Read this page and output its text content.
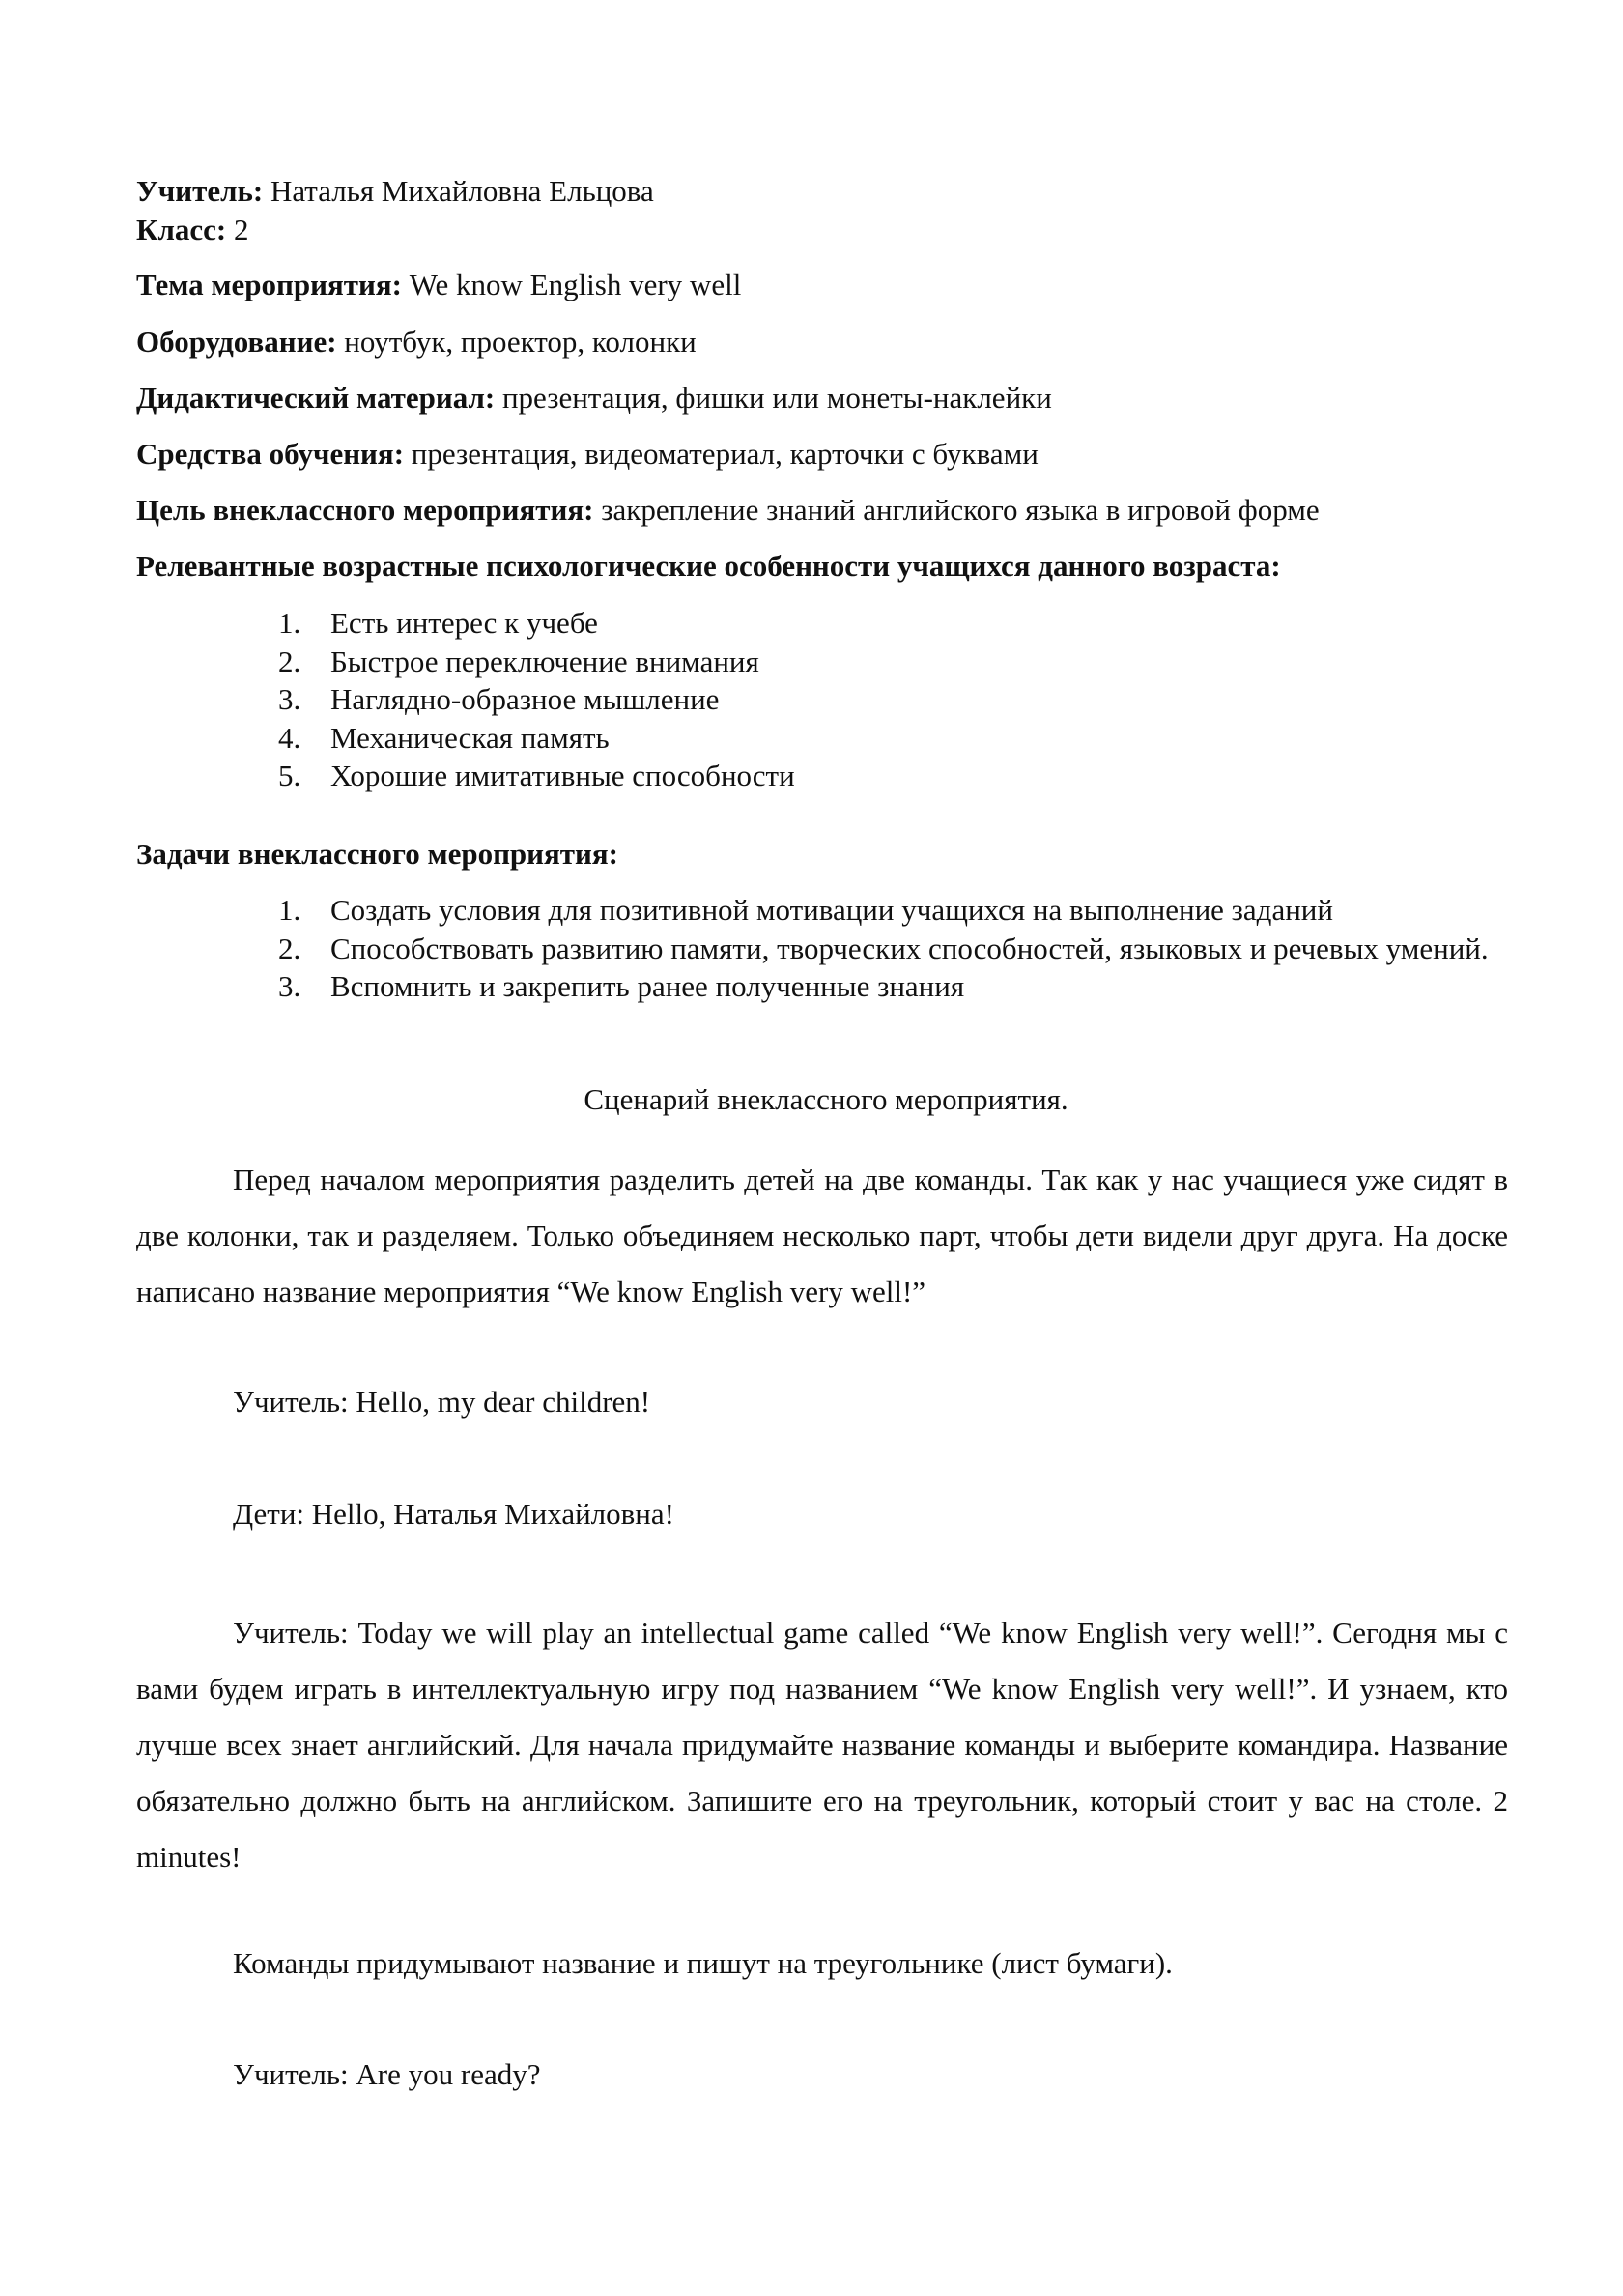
Учитель: Наталья Михайловна Ельцова
Класс: 2
Тема мероприятия: We know English very well
Оборудование: ноутбук, проектор, колонки
Дидактический материал: презентация, фишки или монеты-наклейки
Средства обучения: презентация, видеоматериал, карточки с буквами
Цель внеклассного мероприятия: закрепление знаний английского языка в игровой форме
Релевантные возрастные психологические особенности учащихся данного возраста:
1. Есть интерес к учебе
2. Быстрое переключение внимания
3. Наглядно-образное мышление
4. Механическая память
5. Хорошие имитативные способности
Задачи внеклассного мероприятия:
1. Создать условия для позитивной мотивации учащихся на выполнение заданий
2. Способствовать развитию памяти, творческих способностей, языковых и речевых умений.
3. Вспомнить и закрепить ранее полученные знания
Сценарий внеклассного мероприятия.
Перед началом мероприятия разделить детей на две команды. Так как у нас учащиеся уже сидят в две колонки, так и разделяем. Только объединяем несколько парт, чтобы дети видели друг друга. На доске написано название мероприятия “We know English very well!”
Учитель: Hello, my dear children!
Дети: Hello, Наталья Михайловна!
Учитель: Today we will play an intellectual game called “We know English very well!”. Сегодня мы с вами будем играть в интеллектуальную игру под названием “We know English very well!”. И узнаем, кто лучше всех знает английский. Для начала придумайте название команды и выберите командира. Название обязательно должно быть на английском. Запишите его на треугольник, который стоит у вас на столе. 2 minutes!
Команды придумывают название и пишут на треугольнике (лист бумаги).
Учитель: Are you ready?
